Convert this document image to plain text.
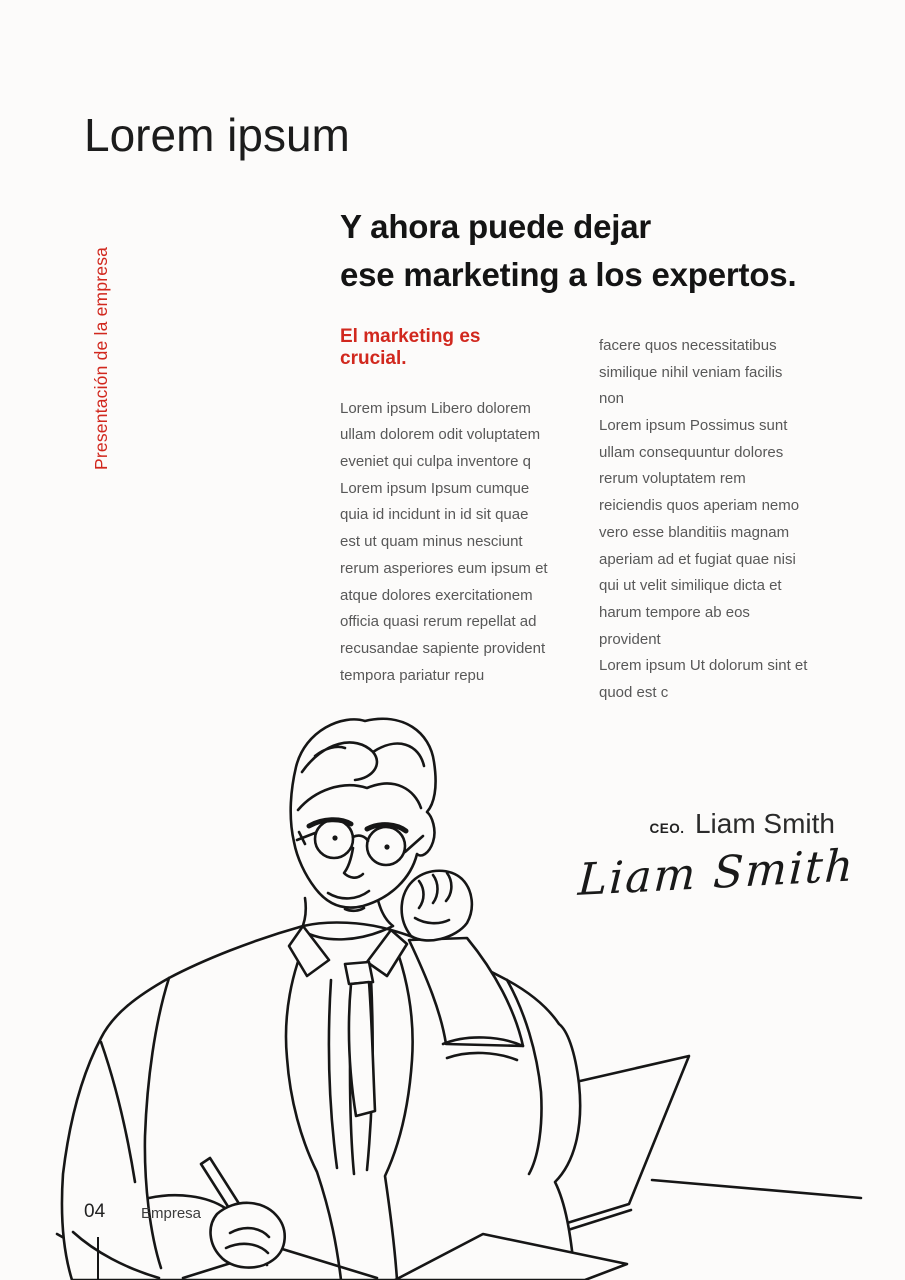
Lorem ipsum
Presentación de la empresa
Y ahora puede dejar
ese marketing a los expertos.
El marketing es
crucial.
Lorem ipsum Libero dolorem
ullam dolorem odit voluptatem
eveniet qui culpa inventore q
Lorem ipsum Ipsum cumque
quia id incidunt in id sit quae
est ut quam minus nesciunt
rerum asperiores eum ipsum et
atque dolores exercitationem
officia quasi rerum repellat ad
recusandae sapiente provident
tempora pariatur repu
facere quos necessitatibus
similique nihil veniam facilis
non
Lorem ipsum Possimus sunt
ullam consequuntur dolores
rerum voluptatem rem
reiciendis quos aperiam nemo
vero esse blanditiis magnam
aperiam ad et fugiat quae nisi
qui ut velit similique dicta et
harum tempore ab eos
provident
Lorem ipsum Ut dolorum sint et
quod est c
CEO. Liam Smith
Liam Smith
04 Empresa
